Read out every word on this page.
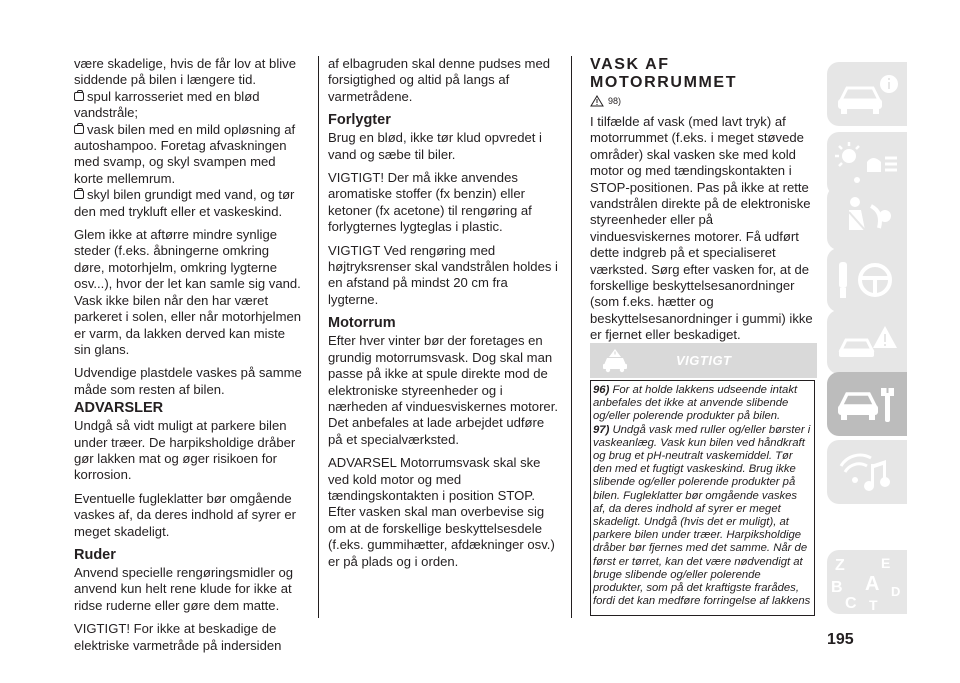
være skadelige, hvis de får lov at blive siddende på bilen i længere tid.

spul karrosseriet med en blød vandstråle;

vask bilen med en mild opløsning af autoshampoo. Foretag afvaskningen med svamp, og skyl svampen med korte mellemrum.

skyl bilen grundigt med vand, og tør den med trykluft eller et vaskeskind.

Glem ikke at aftørre mindre synlige steder (f.eks. åbningerne omkring døre, motorhjelm, omkring lygterne osv...), hvor der let kan samle sig vand. Vask ikke bilen når den har været parkeret i solen, eller når motorhjelmen er varm, da lakken derved kan miste sin glans.

Udvendige plastdele vaskes på samme måde som resten af bilen.

ADVARSLER

Undgå så vidt muligt at parkere bilen under træer. De harpiksholdige dråber gør lakken mat og øger risikoen for korrosion.

Eventuelle fugleklatter bør omgående vaskes af, da deres indhold af syrer er meget skadeligt.

Ruder

Anvend specielle rengøringsmidler og anvend kun helt rene klude for ikke at ridse ruderne eller gøre dem matte.

VIGTIGT! For ikke at beskadige de elektriske varmetråde på indersiden

af elbagruden skal denne pudses med forsigtighed og altid på langs af varmetrådene.

Forlygter

Brug en blød, ikke tør klud opvredet i vand og sæbe til biler.

VIGTIGT! Der må ikke anvendes aromatiske stoffer (fx benzin) eller ketoner (fx acetone) til rengøring af forlygternes lygteglas i plastic.

VIGTIGT Ved rengøring med højtryksrenser skal vandstrålen holdes i en afstand på mindst 20 cm fra lygterne.

Motorrum

Efter hver vinter bør der foretages en grundig motorrumsvask. Dog skal man passe på ikke at spule direkte mod de elektroniske styreenheder og i nærheden af vinduesviskernes motorer. Det anbefales at lade arbejdet udføre på et specialværksted.

ADVARSEL Motorrumsvask skal ske ved kold motor og med tændingskontakten i position STOP. Efter vasken skal man overbevise sig om at de forskellige beskyttelsesdele (f.eks. gummihætter, afdækninger osv.) er på plads og i orden.

VASK AF
MOTORRUMMET
98)

I tilfælde af vask (med lavt tryk) af motorrummet (f.eks. i meget støvede områder) skal vasken ske med kold motor og med tændingskontakten i STOP-positionen. Pas på ikke at rette vandstrålen direkte på de elektroniske styreenheder eller på vinduesviskernes motorer. Få udført dette indgreb på et specialiseret værksted. Sørg efter vasken for, at de forskellige beskyttelsesanordninger (som f.eks. hætter og beskyttelsesanordninger i gummi) ikke er fjernet eller beskadiget.

VIGTIGT

96) For at holde lakkens udseende intakt anbefales det ikke at anvende slibende og/eller polerende produkter på bilen.

97) Undgå vask med ruller og/eller børster i vaskeanlæg. Vask kun bilen ved håndkraft og brug et pH-neutralt vaskemiddel. Tør den med et fugtigt vaskeskind. Brug ikke slibende og/eller polerende produkter på bilen. Fugleklatter bør omgående vaskes af, da deres indhold af syrer er meget skadeligt. Undgå (hvis det er muligt), at parkere bilen under træer. Harpiksholdige dråber bør fjernes med det samme. Når de først er tørret, kan det være nødvendigt at bruge slibende og/eller polerende produkter, som på det kraftigste frarådes, fordi det kan medføre forringelse af lakkens

Z	E
B A
C
D
T
195
